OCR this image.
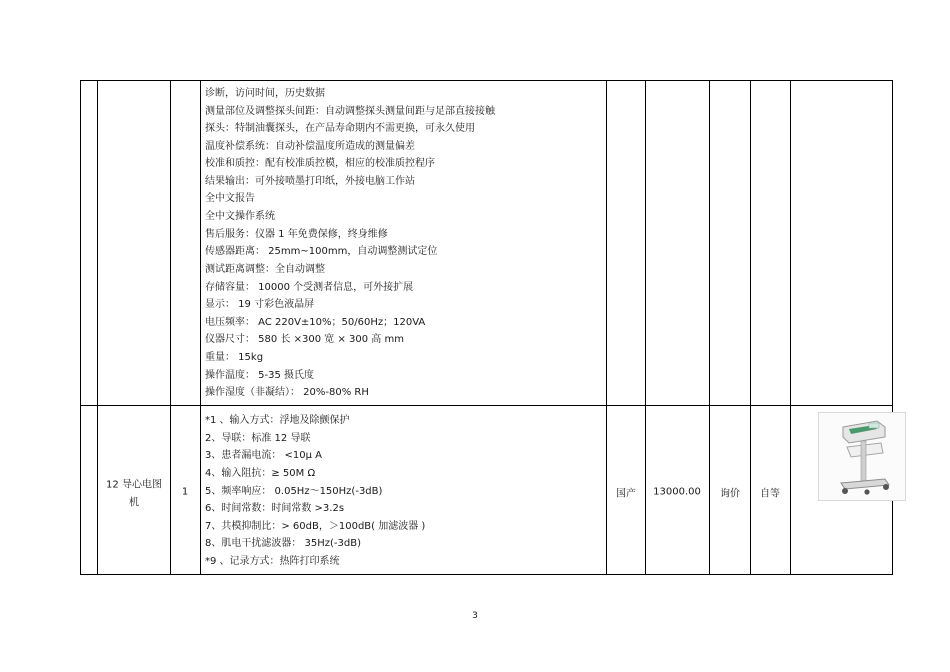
诊断，访问时间，历史数据
测量部位及调整探头间距：自动调整探头测量间距与足部直接接触
探头：特制油囊探头，在产品寿命期内不需更换，可永久使用
温度补偿系统：自动补偿温度所造成的测量偏差
校准和质控：配有校准质控模，相应的校准质控程序
结果输出：可外接喷墨打印纸，外接电脑工作站
全中文报告
全中文操作系统
售后服务：仪器 1 年免费保修，终身维修
传感器距离： 25mm~100mm，自动调整测试定位
测试距离调整：全自动调整
存储容量： 10000 个受测者信息，可外接扩展
显示： 19 寸彩色液晶屏
电压频率： AC 220V±10%；50/60Hz；120VA
仪器尺寸： 580 长 ×300 宽 × 300 高 mm
重量： 15kg
操作温度： 5-35 摄氏度
操作湿度（非凝结）： 20%-80% RH
12 导心电图
机
1
*1 、输入方式：浮地及除颤保护
2、导联：标准 12 导联
3、患者漏电流： <10μ A
4、输入阻抗：≥ 50M Ω
5、频率响应： 0.05Hz～150Hz(-3dB)
6、时间常数：时间常数 >3.2s
7、共模抑制比：> 60dB，＞100dB( 加滤波器 )
8、肌电干扰滤波器： 35Hz(-3dB)
*9 、记录方式：热阵打印系统
国产 13000.00 询价 自等
3
